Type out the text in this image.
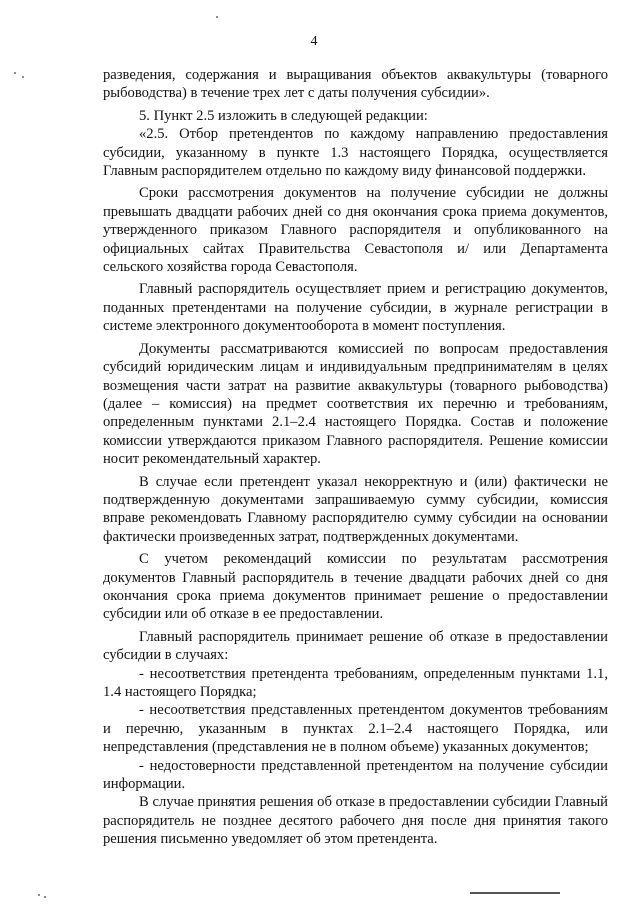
4

разведения, содержания и выращивания объектов аквакультуры (товарного рыбоводства) в течение трех лет с даты получения субсидии».

5. Пункт 2.5 изложить в следующей редакции:

«2.5. Отбор претендентов по каждому направлению предоставления субсидии, указанному в пункте 1.3 настоящего Порядка, осуществляется Главным распорядителем отдельно по каждому виду финансовой поддержки.

Сроки рассмотрения документов на получение субсидии не должны превышать двадцати рабочих дней со дня окончания срока приема документов, утвержденного приказом Главного распорядителя и опубликованного на официальных сайтах Правительства Севастополя и/ или Департамента сельского хозяйства города Севастополя.

Главный распорядитель осуществляет прием и регистрацию документов, поданных претендентами на получение субсидии, в журнале регистрации в системе электронного документооборота в момент поступления.

Документы рассматриваются комиссией по вопросам предоставления субсидий юридическим лицам и индивидуальным предпринимателям в целях возмещения части затрат на развитие аквакультуры (товарного рыбоводства) (далее – комиссия) на предмет соответствия их перечню и требованиям, определенным пунктами 2.1–2.4 настоящего Порядка. Состав и положение комиссии утверждаются приказом Главного распорядителя. Решение комиссии носит рекомендательный характер.

В случае если претендент указал некорректную и (или) фактически не подтвержденную документами запрашиваемую сумму субсидии, комиссия вправе рекомендовать Главному распорядителю сумму субсидии на основании фактически произведенных затрат, подтвержденных документами.

С учетом рекомендаций комиссии по результатам рассмотрения документов Главный распорядитель в течение двадцати рабочих дней со дня окончания срока приема документов принимает решение о предоставлении субсидии или об отказе в ее предоставлении.

Главный распорядитель принимает решение об отказе в предоставлении субсидии в случаях:

- несоответствия претендента требованиям, определенным пунктами 1.1, 1.4 настоящего Порядка;

- несоответствия представленных претендентом документов требованиям и перечню, указанным в пунктах 2.1–2.4 настоящего Порядка, или непредставления (представления не в полном объеме) указанных документов;

- недостоверности представленной претендентом на получение субсидии информации.

В случае принятия решения об отказе в предоставлении субсидии Главный распорядитель не позднее десятого рабочего дня после дня принятия такого решения письменно уведомляет об этом претендента.
